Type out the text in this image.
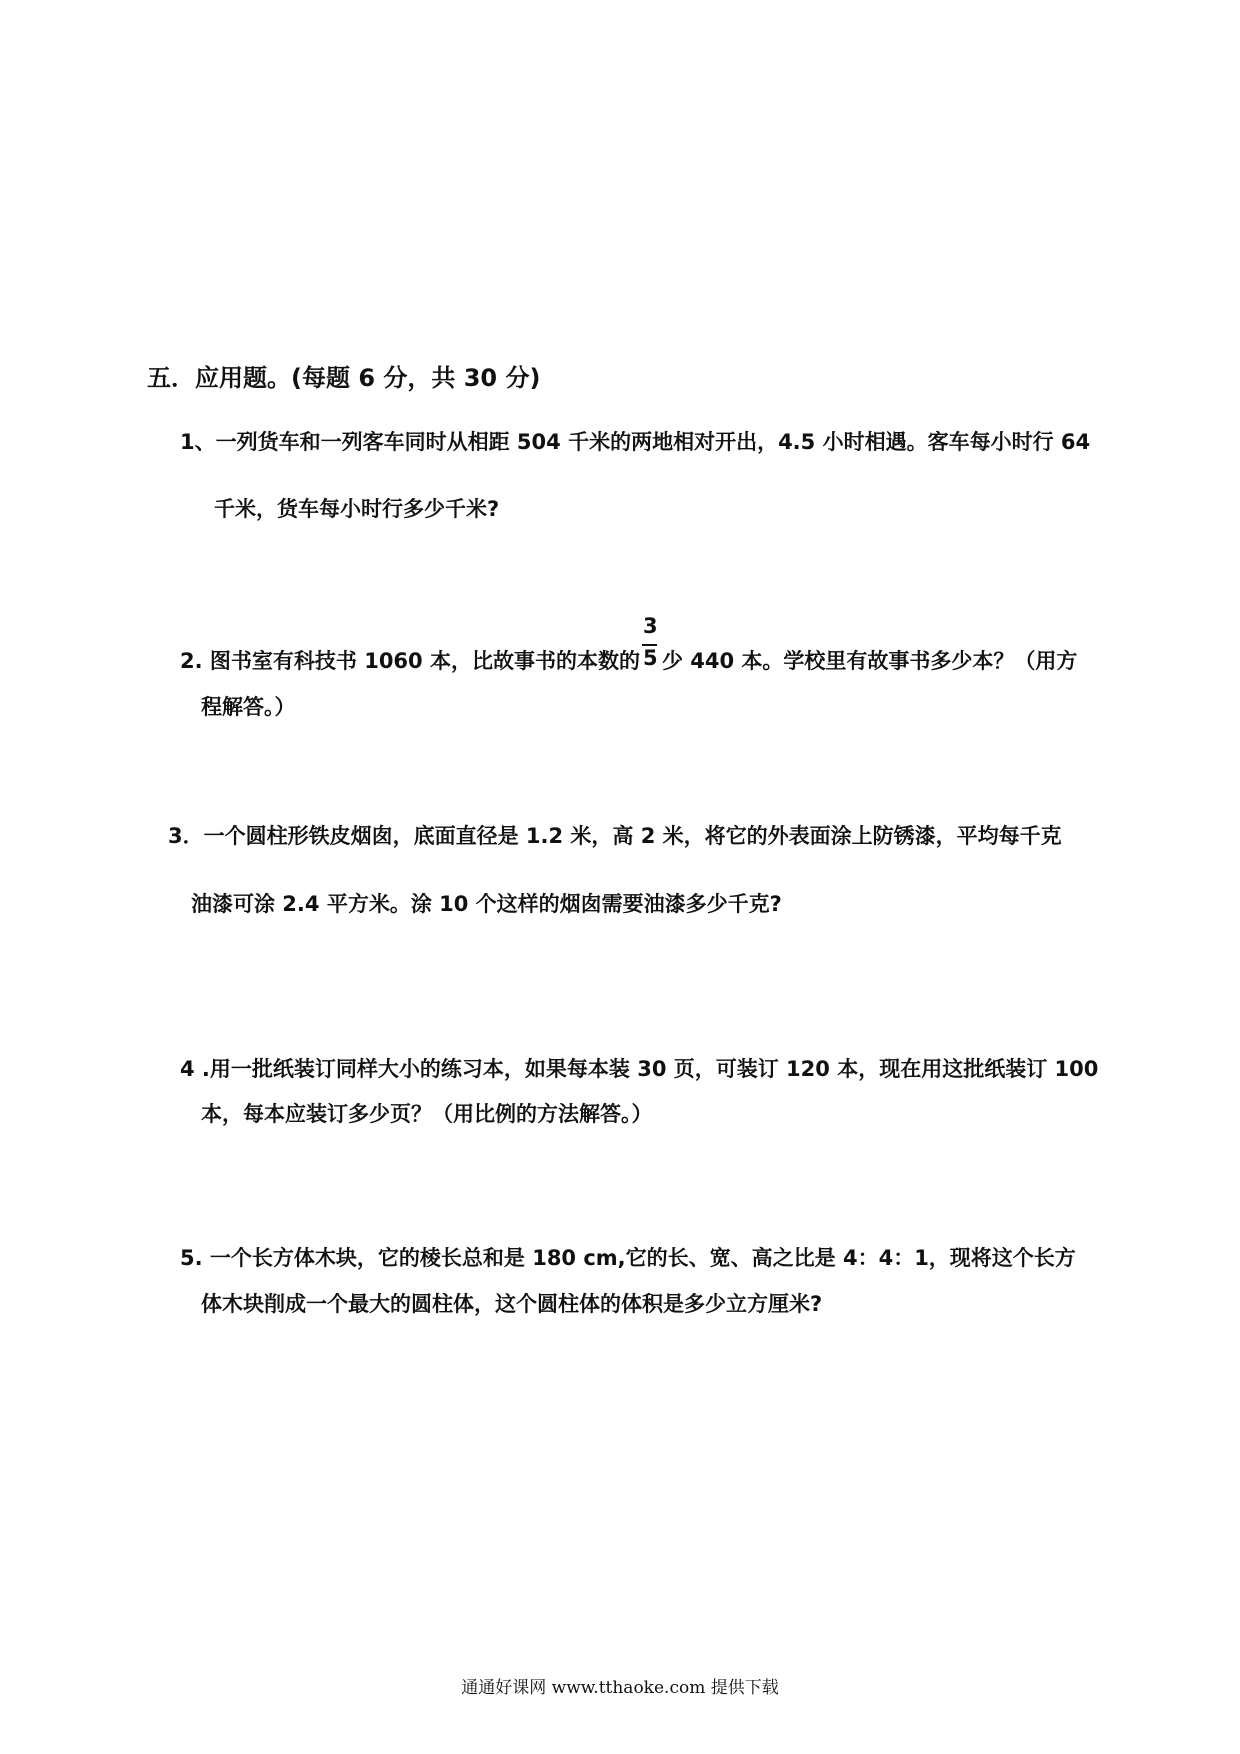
五．应用题。(每题 6 分，共 30 分)
1、一列货车和一列客车同时从相距 504 千米的两地相对开出，4.5 小时相遇。客车每小时行 64
千米，货车每小时行多少千米?
2. 图书室有科技书 1060 本，比故事书的本数的 $\frac{3}{5}$ 少 440 本。学校里有故事书多少本？（用方
程解答。）
3．一个圆柱形铁皮烟囱，底面直径是 1.2 米，高 2 米，将它的外表面涂上防锈漆，平均每千克
油漆可涂 2.4 平方米。涂 10 个这样的烟囱需要油漆多少千克?
4 .用一批纸装订同样大小的练习本，如果每本装 30 页，可装订 120 本，现在用这批纸装订 100
本，每本应装订多少页？（用比例的方法解答。）
5. 一个长方体木块，它的棱长总和是 180 cm,它的长、宽、高之比是 4：4：1，现将这个长方
体木块削成一个最大的圆柱体，这个圆柱体的体积是多少立方厘米?
通通好课网 www.tthaoke.com 提供下载
